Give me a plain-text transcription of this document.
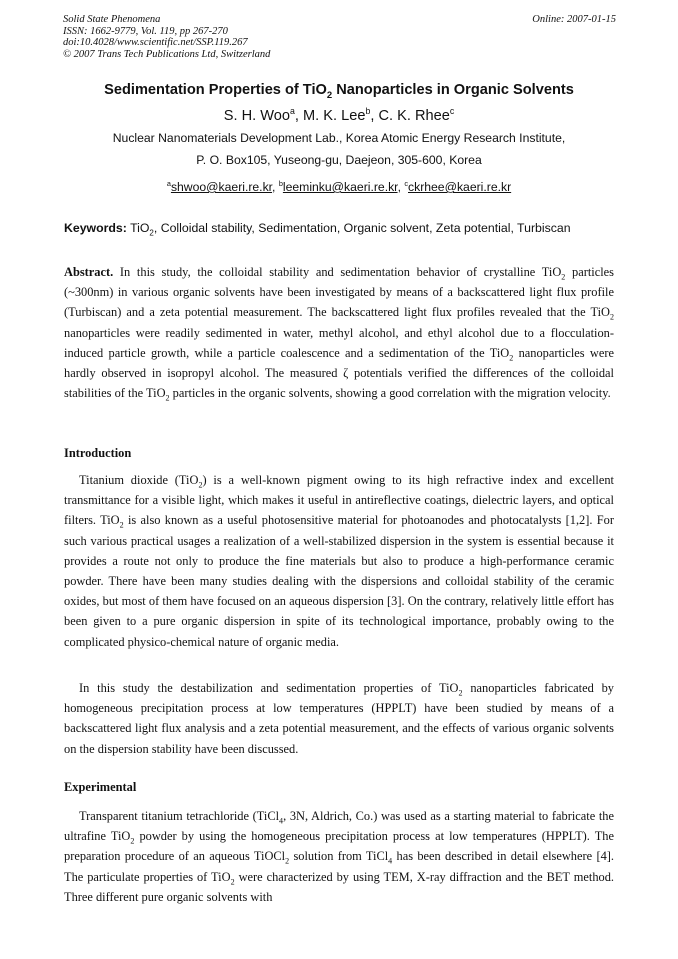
Solid State Phenomena
ISSN: 1662-9779, Vol. 119, pp 267-270
doi:10.4028/www.scientific.net/SSP.119.267
© 2007 Trans Tech Publications Ltd, Switzerland
Online: 2007-01-15
Sedimentation Properties of TiO$_2$ Nanoparticles in Organic Solvents
S. H. Woo$^a$, M. K. Lee$^b$, C. K. Rhee$^c$
Nuclear Nanomaterials Development Lab., Korea Atomic Energy Research Institute,
P. O. Box105, Yuseong-gu, Daejeon, 305-600, Korea
$^a$shwoo@kaeri.re.kr, $^b$leeminku@kaeri.re.kr, $^c$ckrhee@kaeri.re.kr
Keywords: TiO$_2$, Colloidal stability, Sedimentation, Organic solvent, Zeta potential, Turbiscan
Abstract. In this study, the colloidal stability and sedimentation behavior of crystalline TiO$_2$ particles (~300nm) in various organic solvents have been investigated by means of a backscattered light flux profile (Turbiscan) and a zeta potential measurement. The backscattered light flux profiles revealed that the TiO$_2$ nanoparticles were readily sedimented in water, methyl alcohol, and ethyl alcohol due to a flocculation-induced particle growth, while a particle coalescence and a sedimentation of the TiO$_2$ nanoparticles were hardly observed in isopropyl alcohol. The measured ζ potentials verified the differences of the colloidal stabilities of the TiO$_2$ particles in the organic solvents, showing a good correlation with the migration velocity.
Introduction
Titanium dioxide (TiO$_2$) is a well-known pigment owing to its high refractive index and excellent transmittance for a visible light, which makes it useful in antireflective coatings, dielectric layers, and optical filters. TiO$_2$ is also known as a useful photosensitive material for photoanodes and photocatalysts [1,2]. For such various practical usages a realization of a well-stabilized dispersion in the system is essential because it provides a route not only to produce the fine materials but also to produce a high-performance ceramic powder. There have been many studies dealing with the dispersions and colloidal stability of the ceramic oxides, but most of them have focused on an aqueous dispersion [3]. On the contrary, relatively little effort has been given to a pure organic dispersion in spite of its technological importance, probably owing to the complicated physico-chemical nature of organic media.
In this study the destabilization and sedimentation properties of TiO$_2$ nanoparticles fabricated by homogeneous precipitation process at low temperatures (HPPLT) have been studied by means of a backscattered light flux analysis and a zeta potential measurement, and the effects of various organic solvents on the dispersion stability have been discussed.
Experimental
Transparent titanium tetrachloride (TiCl$_4$, 3N, Aldrich, Co.) was used as a starting material to fabricate the ultrafine TiO$_2$ powder by using the homogeneous precipitation process at low temperatures (HPPLT). The preparation procedure of an aqueous TiOCl$_2$ solution from TiCl$_4$ has been described in detail elsewhere [4]. The particulate properties of TiO$_2$ were characterized by using TEM, X-ray diffraction and the BET method. Three different pure organic solvents with
